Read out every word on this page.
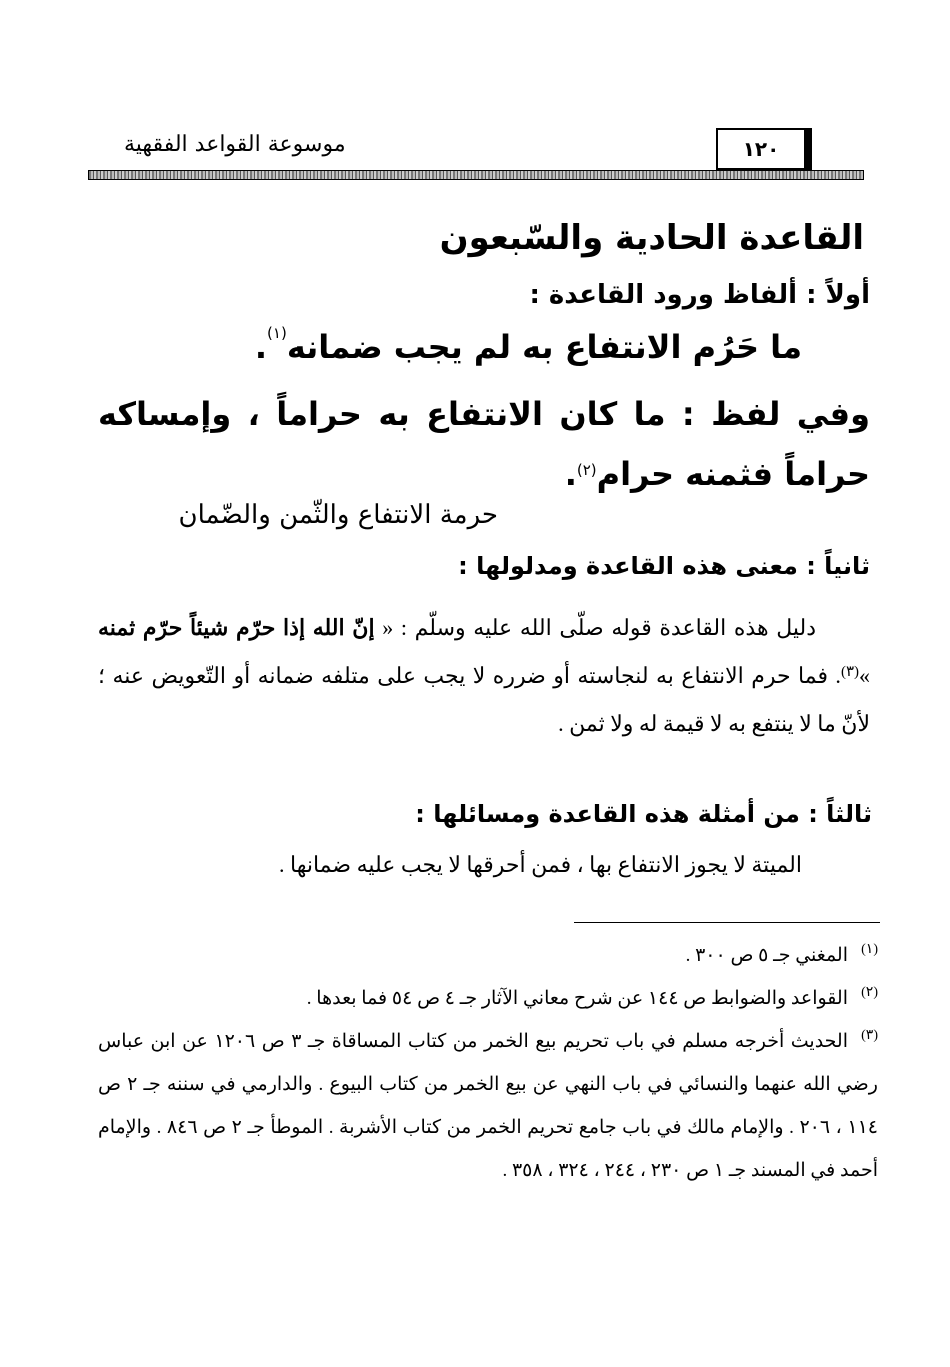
موسوعة القواعد الفقهية	١٢٠
القاعدة الحادية والسّبعون
أولاً : ألفاظ ورود القاعدة :
ما حَرُم الانتفاع به لم يجب ضمانه$^{(١)}$.
وفي لفظ : ما كان الانتفاع به حراماً ، وإمساكه حراماً فثمنه حرام$^{(٢)}$.
حرمة الانتفاع والثّمن والضّمان
ثانياً : معنى هذه القاعدة ومدلولها :
دليل هذه القاعدة قوله صلّى الله عليه وسلّم : « إنّ الله إذا حرّم شيئاً حرّم ثمنه »$^{(٣)}$. فما حرم الانتفاع به لنجاسته أو ضرره لا يجب على متلفه ضمانه أو التّعويض عنه ؛ لأنّ ما لا ينتفع به لا قيمة له ولا ثمن .
ثالثاً : من أمثلة هذه القاعدة ومسائلها :
الميتة لا يجوز الانتفاع بها ، فمن أحرقها لا يجب عليه ضمانها .
(١)المغني جـ ٥ ص ٣٠٠ .
(٢)القواعد والضوابط ص ١٤٤ عن شرح معاني الآثار جـ ٤ ص ٥٤ فما بعدها .
(٣)الحديث أخرجه مسلم في باب تحريم بيع الخمر من كتاب المساقاة جـ ٣ ص ١٢٠٦ عن ابن عباس رضي الله عنهما والنسائي في باب النهي عن بيع الخمر من كتاب البيوع . والدارمي في سننه جـ ٢ ص ١١٤ ، ٢٠٦ . والإمام مالك في باب جامع تحريم الخمر من كتاب الأشربة . الموطأ جـ ٢ ص ٨٤٦ . والإمام أحمد في المسند جـ ١ ص ٢٣٠ ، ٢٤٤ ، ٣٢٤ ، ٣٥٨ .
